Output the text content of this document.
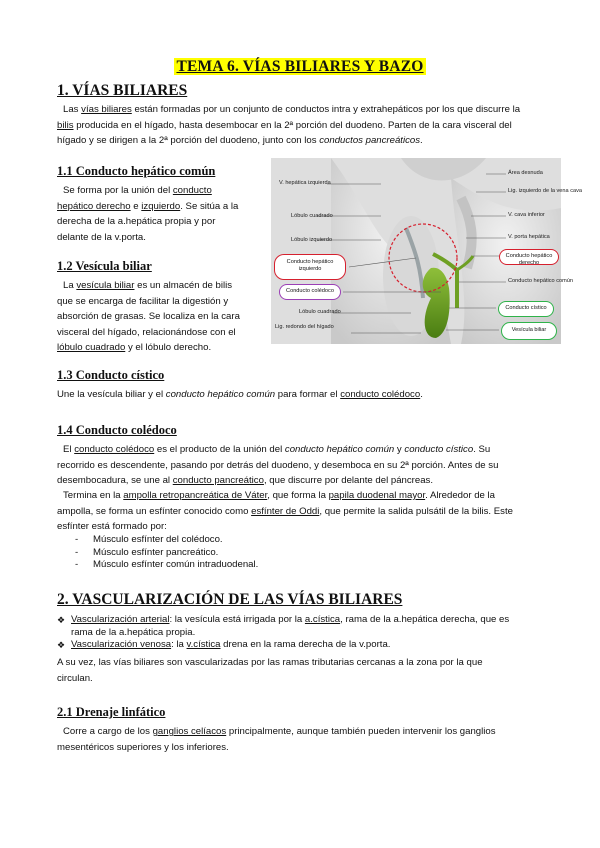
TEMA 6. VÍAS BILIARES Y BAZO
1. VÍAS BILIARES
Las vías biliares están formadas por un conjunto de conductos intra y extrahepáticos por los que discurre la
bilis producida en el hígado, hasta desembocar en la 2ª porción del duodeno. Parten de la cara visceral del
hígado y se dirigen a la 2ª porción del duodeno, junto con los conductos pancreáticos.
1.1 Conducto hepático común
Se forma por la unión del conducto
hepático derecho e izquierdo. Se sitúa a la
derecha de la a.hepática propia y por
delante de la v.porta.
1.2 Vesícula biliar
La vesícula biliar es un almacén de bilis
que se encarga de facilitar la digestión y
absorción de grasas. Se localiza en la cara
visceral del hígado, relacionándose con el
lóbulo cuadrado y el lóbulo derecho.
V. hepática izquierda
Lóbulo cuadrado
Lóbulo izquierdo
Lig. redondo del hígado
Lóbulo cuadrado
Área desnuda
Lig. izquierdo de la vena cava
V. cava inferior
V. porta hepática
Conducto hepático común
Conducto hepático izquierdo
Conducto colédoco
Conducto hepático derecho
Conducto cístico
Vesícula biliar
1.3 Conducto cístico
Une la vesícula biliar y el conducto hepático común para formar el conducto colédoco.
1.4 Conducto colédoco
El conducto colédoco es el producto de la unión del conducto hepático común y conducto cístico. Su
recorrido es descendente, pasando por detrás del duodeno, y desemboca en su 2ª porción. Antes de su
desembocadura, se une al conducto pancreático, que discurre por delante del páncreas.
Termina en la ampolla retropancreática de Váter, que forma la papila duodenal mayor. Alrededor de la
ampolla, se forma un esfínter conocido como esfínter de Oddi, que permite la salida pulsátil de la bilis. Este
esfínter está formado por:
- Músculo esfínter del colédoco.
- Músculo esfínter pancreático.
- Músculo esfínter común intraduodenal.
2. VASCULARIZACIÓN DE LAS VÍAS BILIARES
❖ Vascularización arterial: la vesícula está irrigada por la a.cística, rama de la a.hepática derecha, que es
rama de la a.hepática propia.
❖ Vascularización venosa: la v.cística drena en la rama derecha de la v.porta.
A su vez, las vías biliares son vascularizadas por las ramas tributarias cercanas a la zona por la que
circulan.
2.1 Drenaje linfático
Corre a cargo de los ganglios celíacos principalmente, aunque también pueden intervenir los ganglios
mesentéricos superiores y los inferiores.
